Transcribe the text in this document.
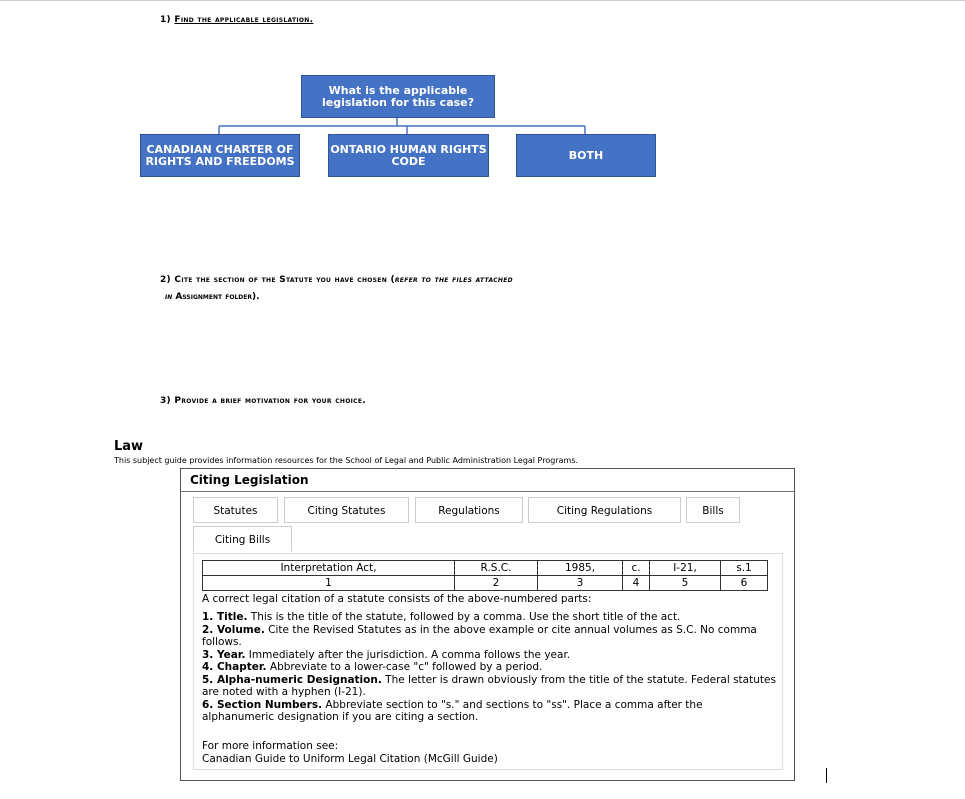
1) Find the applicable legislation.
What is the applicable legislation for this case?
CANADIAN CHARTER OF RIGHTS AND FREEDOMS
ONTARIO HUMAN RIGHTS CODE	BOTH
2) Cite the section of the Statute you have chosen (refer to the files attached
in Assignment folder).
3) Provide a brief motivation for your choice.
Law
This subject guide provides information resources for the School of Legal and Public Administration Legal Programs.
Citing Legislation
Statutes	Citing Statutes	Regulations	Citing Regulations	Bills
Citing Bills
Interpretation Act,	R.S.C.	1985,	c.	I-21,	s.1
1	2	3	4	5	6
A correct legal citation of a statute consists of the above-numbered parts:
1. Title. This is the title of the statute, followed by a comma. Use the short title of the act.
2. Volume. Cite the Revised Statutes as in the above example or cite annual volumes as S.C. No comma follows.
3. Year. Immediately after the jurisdiction. A comma follows the year.
4. Chapter. Abbreviate to a lower-case "c" followed by a period.
5. Alpha-numeric Designation. The letter is drawn obviously from the title of the statute. Federal statutes are noted with a hyphen (I-21).
6. Section Numbers. Abbreviate section to "s." and sections to "ss". Place a comma after the alphanumeric designation if you are citing a section.
For more information see:
Canadian Guide to Uniform Legal Citation (McGill Guide)
